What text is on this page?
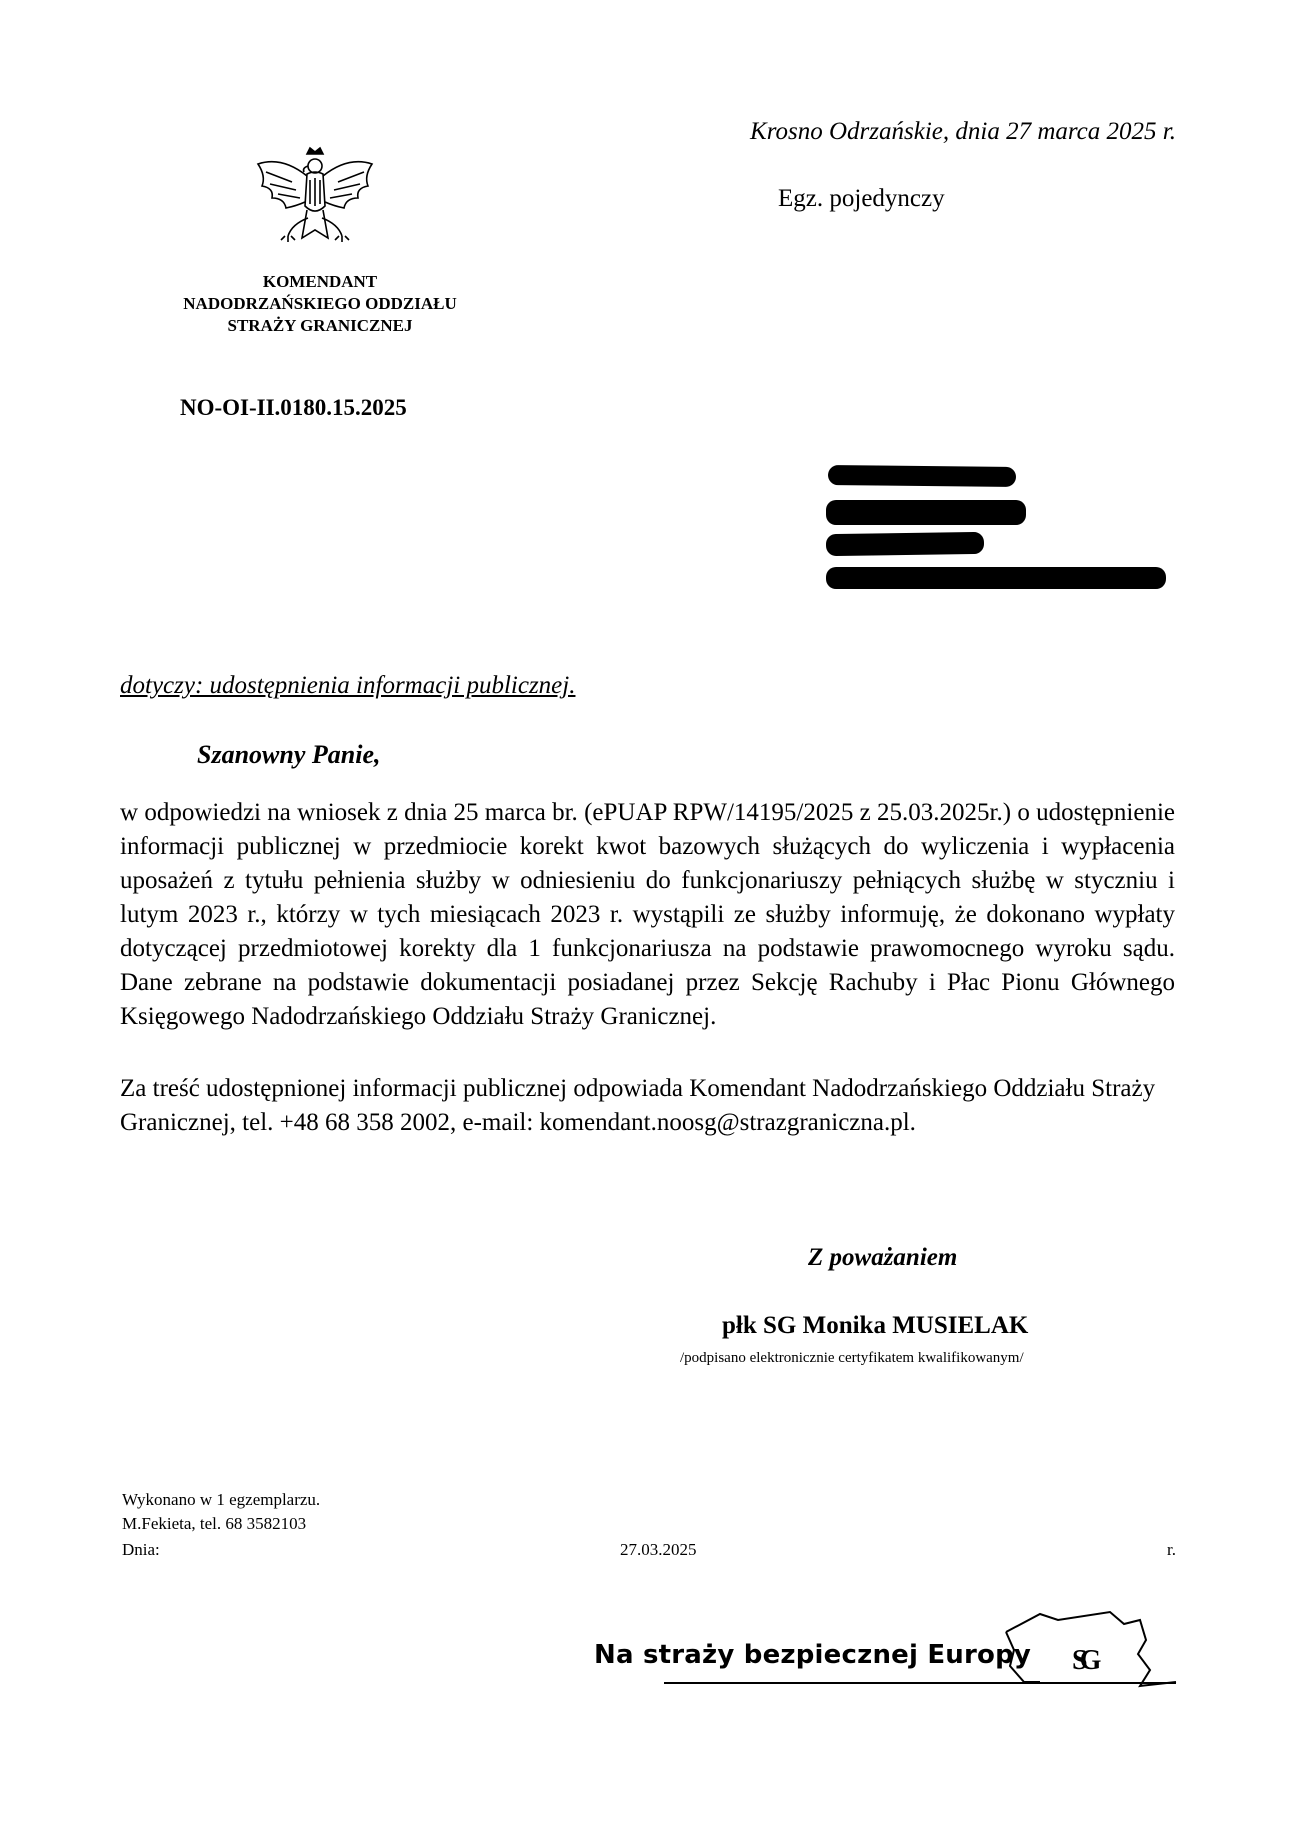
Krosno Odrzańskie, dnia 27 marca 2025 r.
Egz. pojedynczy
KOMENDANT
NADODRZAŃSKIEGO ODDZIAŁU
STRAŻY GRANICZNEJ
NO-OI-II.0180.15.2025
dotyczy: udostępnienia informacji publicznej.
Szanowny Panie,
w odpowiedzi na wniosek z dnia 25 marca br. (ePUAP RPW/14195/2025 z 25.03.2025r.) o udostępnienie informacji publicznej w przedmiocie korekt kwot bazowych służących do wyliczenia i wypłacenia uposażeń z tytułu pełnienia służby w odniesieniu do funkcjonariuszy pełniących służbę w styczniu i lutym 2023 r., którzy w tych miesiącach 2023 r. wystąpili ze służby informuję, że dokonano wypłaty dotyczącej przedmiotowej korekty dla 1 funkcjonariusza na podstawie prawomocnego wyroku sądu. Dane zebrane na podstawie dokumentacji posiadanej przez Sekcję Rachuby i Płac Pionu Głównego Księgowego Nadodrzańskiego Oddziału Straży Granicznej.
Za treść udostępnionej informacji publicznej odpowiada Komendant Nadodrzańskiego Oddziału Straży Granicznej, tel. +48 68 358 2002, e-mail: komendant.noosg@strazgraniczna.pl.
Z poważaniem
płk SG Monika MUSIELAK
/podpisano elektronicznie certyfikatem kwalifikowanym/
Wykonano w 1 egzemplarzu.
M.Fekieta, tel. 68 3582103
Dnia:	27.03.2025	r.
Na straży bezpiecznej Europy SG
